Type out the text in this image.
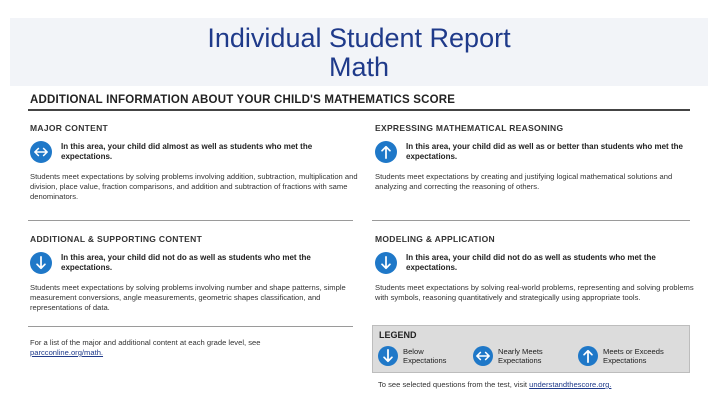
Individual Student Report
Math
ADDITIONAL INFORMATION ABOUT YOUR CHILD'S MATHEMATICS SCORE
MAJOR CONTENT
In this area, your child did almost as well as students who met the expectations.
Students meet expectations by solving problems involving addition, subtraction, multiplication and division, place value, fraction comparisons, and addition and subtraction of fractions with same denominators.
EXPRESSING MATHEMATICAL REASONING
In this area, your child did as well as or better than students who met the expectations.
Students meet expectations by creating and justifying logical mathematical solutions and analyzing and correcting the reasoning of others.
ADDITIONAL & SUPPORTING CONTENT
In this area, your child did not do as well as students who met the expectations.
Students meet expectations by solving problems involving number and shape patterns, simple measurement conversions, angle measurements, geometric shapes classification, and representations of data.
MODELING & APPLICATION
In this area, your child did not do as well as students who met the expectations.
Students meet expectations by solving real-world problems, representing and solving problems with symbols, reasoning quantitatively and strategically using appropriate tools.
For a list of the major and additional content at each grade level, see
parcconline.org/math.
LEGEND
Below
Expectations
Nearly Meets
Expectations
Meets or Exceeds
Expectations
To see selected questions from the test, visit understandthescore.org.
